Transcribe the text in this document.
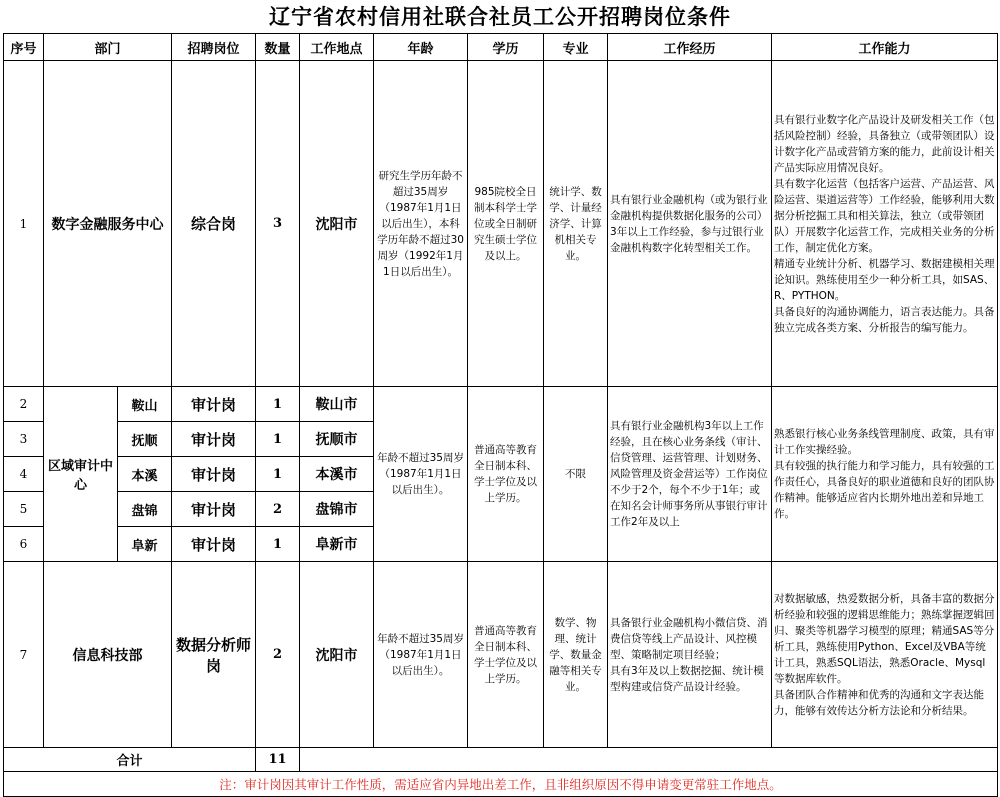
辽宁省农村信用社联合社员工公开招聘岗位条件
序号	部门		招聘岗位	数量	工作地点	年龄	学历	专业	工作经历	工作能力
1	数字金融服务中心		综合岗	3	沈阳市	研究生学历年龄不超过35周岁（1987年1月1日以后出生），本科学历年龄不超过30周岁（1992年1月1日以后出生）。	985院校全日制本科学士学位或全日制研究生硕士学位及以上。	统计学、数学、计量经济学、计算机相关专业。	具有银行业金融机构（或为银行业金融机构提供数据化服务的公司）3年以上工作经验，参与过银行业金融机构数字化转型相关工作。	具有银行业数字化产品设计及研发相关工作（包括风险控制）经验，具备独立（或带领团队）设计数字化产品或营销方案的能力，此前设计相关产品实际应用情况良好。
具有数字化运营（包括客户运营、产品运营、风险运营、渠道运营等）工作经验，能够利用大数据分析挖掘工具和相关算法，独立（或带领团队）开展数字化运营工作，完成相关业务的分析工作，制定优化方案。
精通专业统计分析、机器学习、数据建模相关理论知识。熟练使用至少一种分析工具，如SAS、R、PYTHON。
具备良好的沟通协调能力，语言表达能力。具备独立完成各类方案、分析报告的编写能力。
2	区域审计中心	鞍山	审计岗	1	鞍山市	年龄不超过35周岁（1987年1月1日以后出生）。	普通高等教育全日制本科、学士学位及以上学历。	不限	具有银行业金融机构3年以上工作经验，且在核心业务条线（审计、信贷管理、运营管理、计划财务、风险管理及资金营运等）工作岗位不少于2个，每个不少于1年；或在知名会计师事务所从事银行审计工作2年及以上	熟悉银行核心业务条线管理制度、政策，具有审计工作实操经验。
具有较强的执行能力和学习能力，具有较强的工作责任心，具备良好的职业道德和良好的团队协作精神。能够适应省内长期外地出差和异地工作。
3		抚顺	审计岗	1	抚顺市					
4		本溪	审计岗	1	本溪市					
5		盘锦	审计岗	2	盘锦市					
6		阜新	审计岗	1	阜新市					
7	信息科技部		数据分析师岗	2	沈阳市	年龄不超过35周岁（1987年1月1日以后出生）。	普通高等教育全日制本科、学士学位及以上学历。	数学、物理、统计学、数量金融等相关专业。	具备银行业金融机构小微信贷、消费信贷等线上产品设计、风控模型、策略制定项目经验；
具有3年及以上数据挖掘、统计模型构建或信贷产品设计经验。	对数据敏感，热爱数据分析，具备丰富的数据分析经验和较强的逻辑思维能力；熟练掌握逻辑回归、聚类等机器学习模型的原理；精通SAS等分析工具，熟练使用Python、Excel及VBA等统计工具，熟悉SQL语法，熟悉Oracle、Mysql等数据库软件。
具备团队合作精神和优秀的沟通和文字表达能力，能够有效传达分析方法论和分析结果。
合计				11						
注：审计岗因其审计工作性质，需适应省内异地出差工作，且非组织原因不得申请变更常驻工作地点。										
